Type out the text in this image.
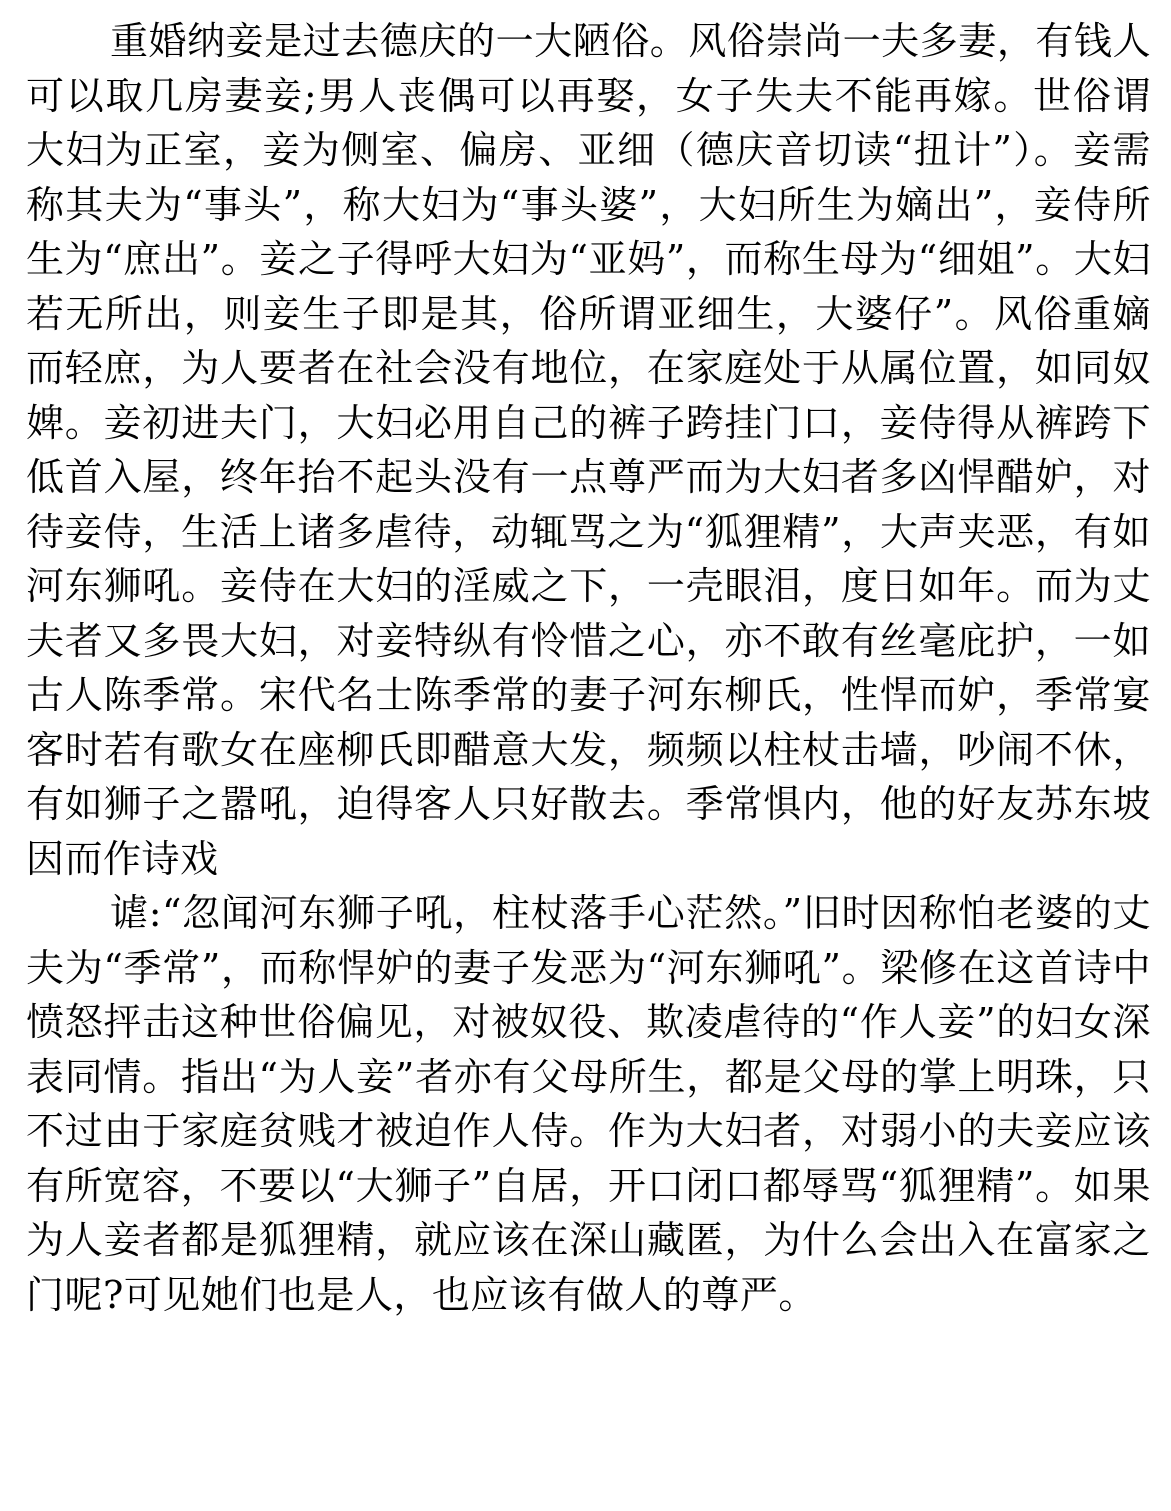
重婚纳妾是过去德庆的一大陋俗。风俗崇尚一夫多妻，有钱人可以取几房妻妾;男人丧偶可以再娶，女子失夫不能再嫁。世俗谓大妇为正室，妾为侧室、偏房、亚细（德庆音切读“扭计”）。妾需称其夫为“事头”，称大妇为“事头婆”，大妇所生为嫡出”，妾侍所生为“庶出”。妾之子得呼大妇为“亚妈”，而称生母为“细姐”。大妇若无所出，则妾生子即是其，俗所谓亚细生，大婆仔”。风俗重嫡而轻庶，为人要者在社会没有地位，在家庭处于从属位置，如同奴婢。妾初进夫门，大妇必用自己的裤子跨挂门口，妾侍得从裤跨下低首入屋，终年抬不起头没有一点尊严而为大妇者多凶悍醋妒，对待妾侍，生活上诸多虐待，动辄骂之为“狐狸精”，大声夹恶，有如河东狮吼。妾侍在大妇的淫威之下，一壳眼泪，度日如年。而为丈夫者又多畏大妇，对妾特纵有怜惜之心，亦不敢有丝毫庇护，一如古人陈季常。宋代名士陈季常的妻子河东柳氏，性悍而妒，季常宴客时若有歌女在座柳氏即醋意大发，频频以柱杖击墙，吵闹不休，有如狮子之嚣吼，迫得客人只好散去。季常惧内，他的好友苏东坡因而作诗戏

谑:“忽闻河东狮子吼，柱杖落手心茫然。”旧时因称怕老婆的丈夫为“季常”，而称悍妒的妻子发恶为“河东狮吼”。梁修在这首诗中愤怒抨击这种世俗偏见，对被奴役、欺凌虐待的“作人妾”的妇女深表同情。指出“为人妾”者亦有父母所生，都是父母的掌上明珠，只不过由于家庭贫贱才被迫作人侍。作为大妇者，对弱小的夫妾应该有所宽容，不要以“大狮子”自居，开口闭口都辱骂“狐狸精”。如果为人妾者都是狐狸精，就应该在深山藏匿，为什么会出入在富家之门呢?可见她们也是人，也应该有做人的尊严。
